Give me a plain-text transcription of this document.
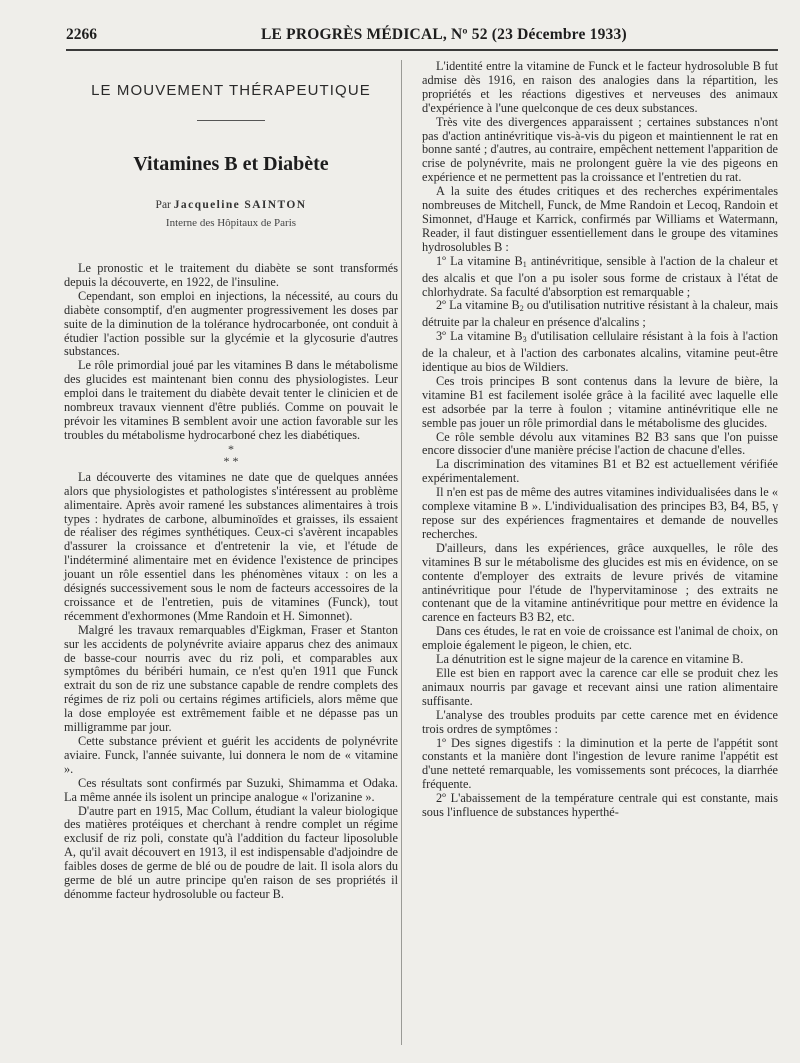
2266	LE PROGRÈS MÉDICAL, Nº 52 (23 Décembre 1933)
LE MOUVEMENT THÉRAPEUTIQUE
Vitamines B et Diabète
Par Jacqueline SAINTON
Interne des Hôpitaux de Paris

Le pronostic et le traitement du diabète se sont transformés depuis la découverte, en 1922, de l'insuline.

Cependant, son emploi en injections, la nécessité, au cours du diabète consomptif, d'en augmenter progressivement les doses par suite de la diminution de la tolérance hydrocarbonée, ont conduit à étudier l'action possible sur la glycémie et la glycosurie d'autres substances.

Le rôle primordial joué par les vitamines B dans le métabolisme des glucides est maintenant bien connu des physiologistes. Leur emploi dans le traitement du diabète devait tenter le clinicien et de nombreux travaux viennent d'être publiés. Comme on pouvait le prévoir les vitamines B semblent avoir une action favorable sur les troubles du métabolisme hydrocarboné chez les diabétiques.

*
* *

La découverte des vitamines ne date que de quelques années alors que physiologistes et pathologistes s'intéressent au problème alimentaire. Après avoir ramené les substances alimentaires à trois types : hydrates de carbone, albuminoïdes et graisses, ils essaient de réaliser des régimes synthétiques. Ceux-ci s'avèrent incapables d'assurer la croissance et d'entretenir la vie, et l'étude de l'indéterminé alimentaire met en évidence l'existence de principes jouant un rôle essentiel dans les phénomènes vitaux : on les a désignés successivement sous le nom de facteurs accessoires de la croissance et de l'entretien, puis de vitamines (Funck), tout récemment d'exhormones (Mme Randoin et H. Simonnet).

Malgré les travaux remarquables d'Eigkman, Fraser et Stanton sur les accidents de polynévrite aviaire apparus chez des animaux de basse-cour nourris avec du riz poli, et comparables aux symptômes du béribéri humain, ce n'est qu'en 1911 que Funck extrait du son de riz une substance capable de rendre complets des régimes de riz poli ou certains régimes artificiels, alors même que la dose employée est extrêmement faible et ne dépasse pas un milligramme par jour.

Cette substance prévient et guérit les accidents de polynévrite aviaire. Funck, l'année suivante, lui donnera le nom de « vitamine ».

Ces résultats sont confirmés par Suzuki, Shimamma et Odaka. La même année ils isolent un principe analogue « l'orizanine ».

D'autre part en 1915, Mac Collum, étudiant la valeur biologique des matières protéiques et cherchant à rendre complet un régime exclusif de riz poli, constate qu'à l'addition du facteur liposoluble A, qu'il avait découvert en 1913, il est indispensable d'adjoindre de faibles doses de germe de blé ou de poudre de lait. Il isola alors du germe de blé un autre principe qu'en raison de ses propriétés il dénomme facteur hydrosoluble ou facteur B.

L'identité entre la vitamine de Funck et le facteur hydrosoluble B fut admise dès 1916, en raison des analogies dans la répartition, les propriétés et les réactions digestives et nerveuses des animaux d'expérience à l'une quelconque de ces deux substances.

Très vite des divergences apparaissent ; certaines substances n'ont pas d'action antinévritique vis-à-vis du pigeon et maintiennent le rat en bonne santé ; d'autres, au contraire, empêchent nettement l'apparition de crise de polynévrite, mais ne prolongent guère la vie des pigeons en expérience et ne permettent pas la croissance et l'entretien du rat.

A la suite des études critiques et des recherches expérimentales nombreuses de Mitchell, Funck, de Mme Randoin et Lecoq, Randoin et Simonnet, d'Hauge et Karrick, confirmés par Williams et Watermann, Reader, il faut distinguer essentiellement dans le groupe des vitamines hydrosolubles B :

1º La vitamine $B_1$ antinévritique, sensible à l'action de la chaleur et des alcalis et que l'on a pu isoler sous forme de cristaux à l'état de chlorhydrate. Sa faculté d'absorption est remarquable ;

2º La vitamine $B_2$ ou d'utilisation nutritive résistant à la chaleur, mais détruite par la chaleur en présence d'alcalins ;

3º La vitamine $B_3$ d'utilisation cellulaire résistant à la fois à l'action de la chaleur, et à l'action des carbonates alcalins, vitamine peut-être identique au bios de Wildiers.

Ces trois principes B sont contenus dans la levure de bière, la vitamine B1 est facilement isolée grâce à la facilité avec laquelle elle est adsorbée par la terre à foulon ; vitamine antinévritique elle ne semble pas jouer un rôle primordial dans le métabolisme des glucides.

Ce rôle semble dévolu aux vitamines B2 B3 sans que l'on puisse encore dissocier d'une manière précise l'action de chacune d'elles.

La discrimination des vitamines B1 et B2 est actuellement vérifiée expérimentalement.

Il n'en est pas de même des autres vitamines individualisées dans le « complexe vitamine B ». L'individualisation des principes B3, B4, B5, γ repose sur des expériences fragmentaires et demande de nouvelles recherches.

D'ailleurs, dans les expériences, grâce auxquelles, le rôle des vitamines B sur le métabolisme des glucides est mis en évidence, on se contente d'employer des extraits de levure privés de vitamine antinévritique pour l'étude de l'hypervitaminose ; des extraits ne contenant que de la vitamine antinévritique pour mettre en évidence la carence en facteurs B3 B2, etc.

Dans ces études, le rat en voie de croissance est l'animal de choix, on emploie également le pigeon, le chien, etc.

La dénutrition est le signe majeur de la carence en vitamine B.

Elle est bien en rapport avec la carence car elle se produit chez les animaux nourris par gavage et recevant ainsi une ration alimentaire suffisante.

L'analyse des troubles produits par cette carence met en évidence trois ordres de symptômes :

1º Des signes digestifs : la diminution et la perte de l'appétit sont constants et la manière dont l'ingestion de levure ranime l'appétit est d'une netteté remarquable, les vomissements sont précoces, la diarrhée fréquente.

2º L'abaissement de la température centrale qui est constante, mais sous l'influence de substances hyperthé-
